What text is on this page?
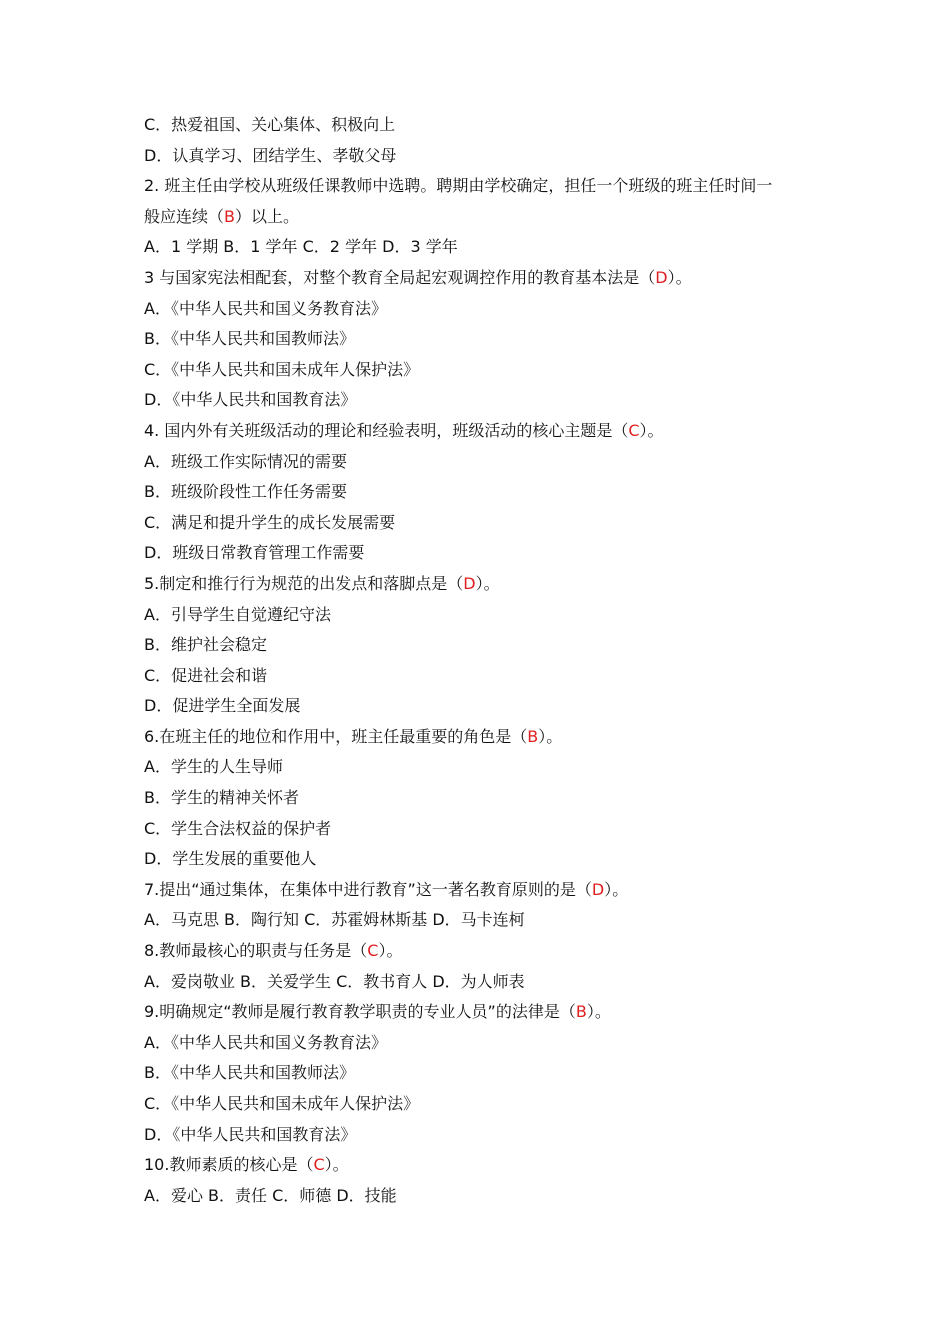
C．热爱祖国、关心集体、积极向上
D．认真学习、团结学生、孝敬父母
2. 班主任由学校从班级任课教师中选聘。聘期由学校确定，担任一个班级的班主任时间一
般应连续（B）以上。
A．1 学期 B．1 学年 C．2 学年 D．3 学年
3 与国家宪法相配套，对整个教育全局起宏观调控作用的教育基本法是（D）。
A．《中华人民共和国义务教育法》
B．《中华人民共和国教师法》
C．《中华人民共和国未成年人保护法》
D．《中华人民共和国教育法》
4. 国内外有关班级活动的理论和经验表明，班级活动的核心主题是（C）。
A．班级工作实际情况的需要
B．班级阶段性工作任务需要
C．满足和提升学生的成长发展需要
D．班级日常教育管理工作需要
5.制定和推行行为规范的出发点和落脚点是（D）。
A．引导学生自觉遵纪守法
B．维护社会稳定
C．促进社会和谐
D．促进学生全面发展
6.在班主任的地位和作用中，班主任最重要的角色是（B）。
A．学生的人生导师
B．学生的精神关怀者
C．学生合法权益的保护者
D．学生发展的重要他人
7.提出“通过集体，在集体中进行教育”这一著名教育原则的是（D）。
A．马克思 B．陶行知 C．苏霍姆林斯基 D．马卡连柯
8.教师最核心的职责与任务是（C）。
A．爱岗敬业 B．关爱学生 C．教书育人 D．为人师表
9.明确规定“教师是履行教育教学职责的专业人员”的法律是（B）。
A．《中华人民共和国义务教育法》
B．《中华人民共和国教师法》
C．《中华人民共和国未成年人保护法》
D．《中华人民共和国教育法》
10.教师素质的核心是（C）。
A．爱心 B．责任 C．师德 D．技能
